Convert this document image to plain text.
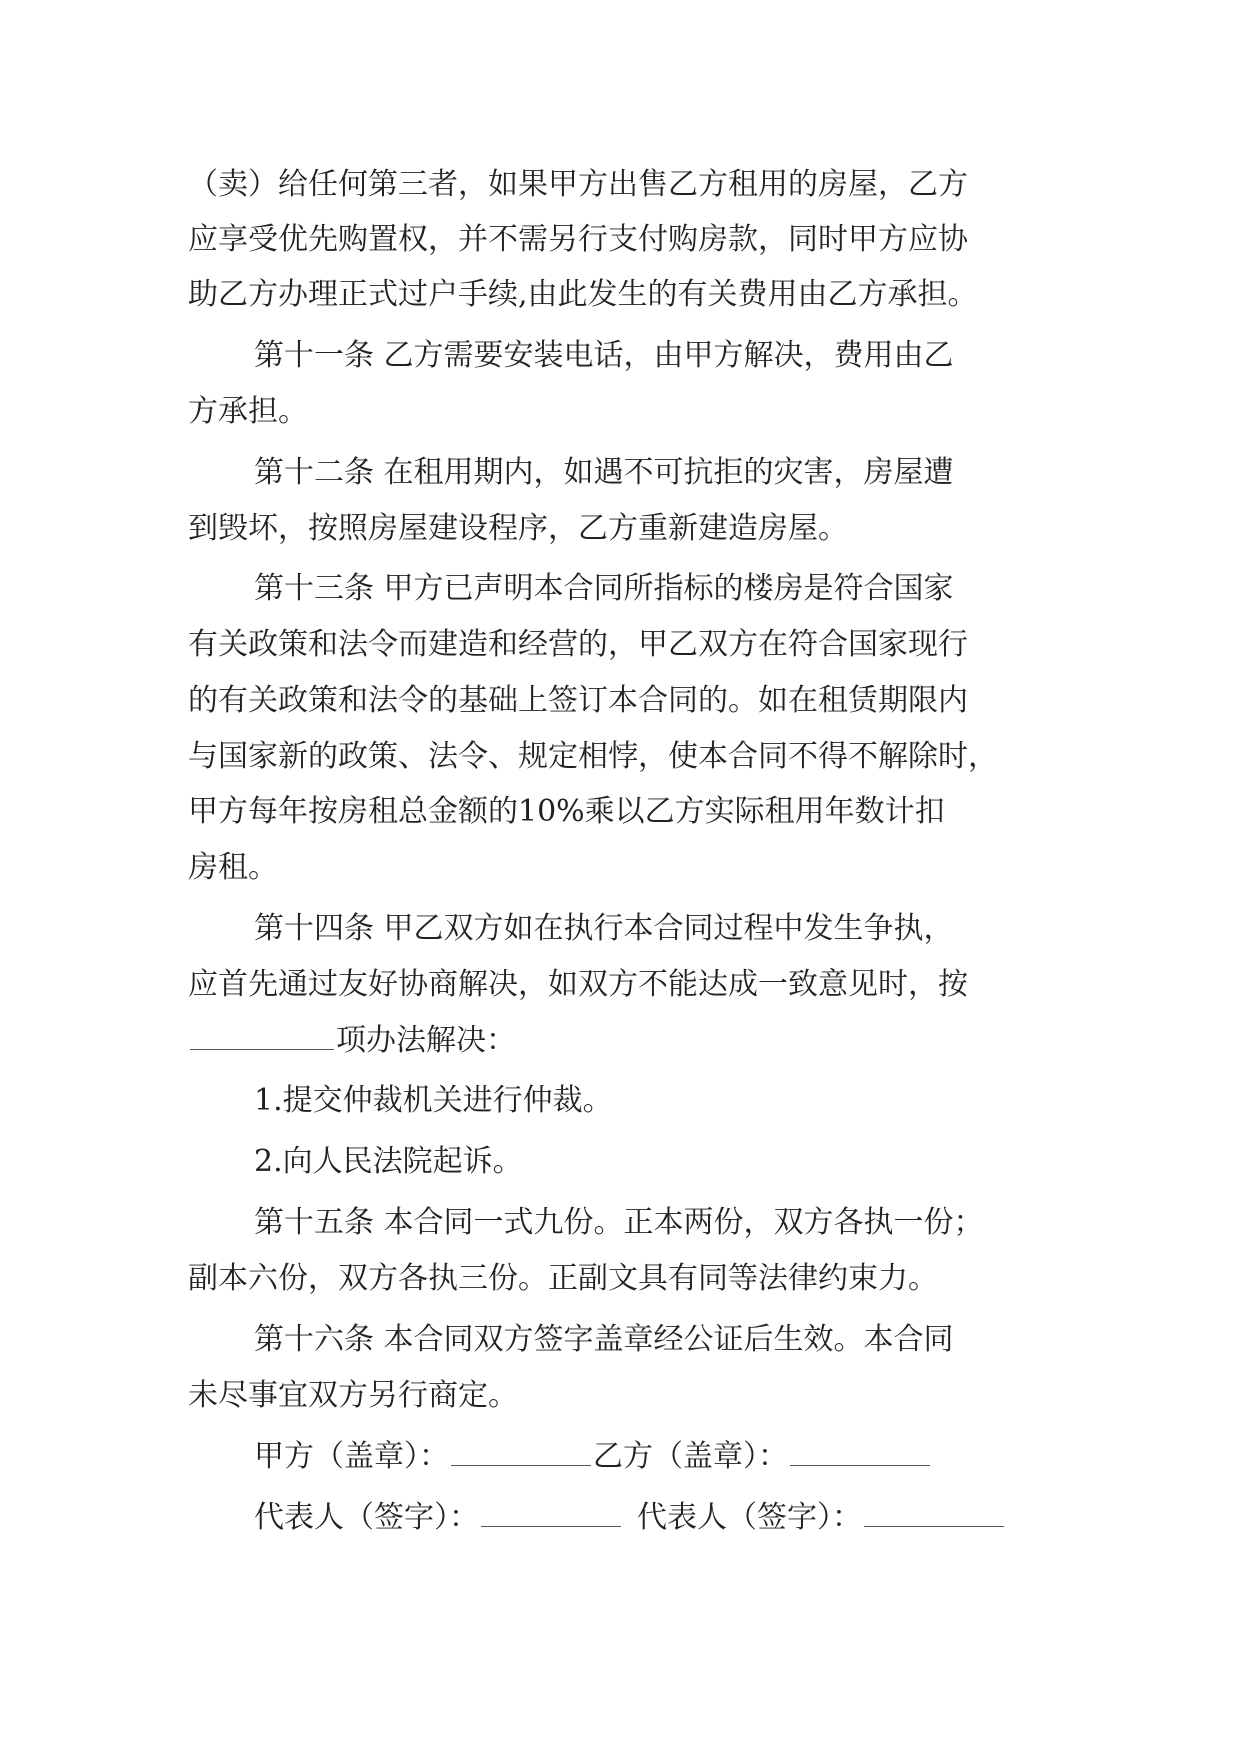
（卖）给任何第三者，如果甲方出售乙方租用的房屋，乙方
应享受优先购置权，并不需另行支付购房款，同时甲方应协
助乙方办理正式过户手续,由此发生的有关费用由乙方承担。
第十一条 乙方需要安装电话，由甲方解决，费用由乙
方承担。
第十二条 在租用期内，如遇不可抗拒的灾害，房屋遭
到毁坏，按照房屋建设程序，乙方重新建造房屋。
第十三条 甲方已声明本合同所指标的楼房是符合国家
有关政策和法令而建造和经营的，甲乙双方在符合国家现行
的有关政策和法令的基础上签订本合同的。如在租赁期限内
与国家新的政策、法令、规定相悖，使本合同不得不解除时，
甲方每年按房租总金额的10%乘以乙方实际租用年数计扣
房租。
第十四条 甲乙双方如在执行本合同过程中发生争执，
应首先通过友好协商解决，如双方不能达成一致意见时，按
项办法解决：
1.提交仲裁机关进行仲裁。
2.向人民法院起诉。
第十五条 本合同一式九份。正本两份，双方各执一份；
副本六份，双方各执三份。正副文具有同等法律约束力。
第十六条 本合同双方签字盖章经公证后生效。本合同
未尽事宜双方另行商定。
甲方（盖章）：	乙方（盖章）：
代表人（签字）：	代表人（签字）：
